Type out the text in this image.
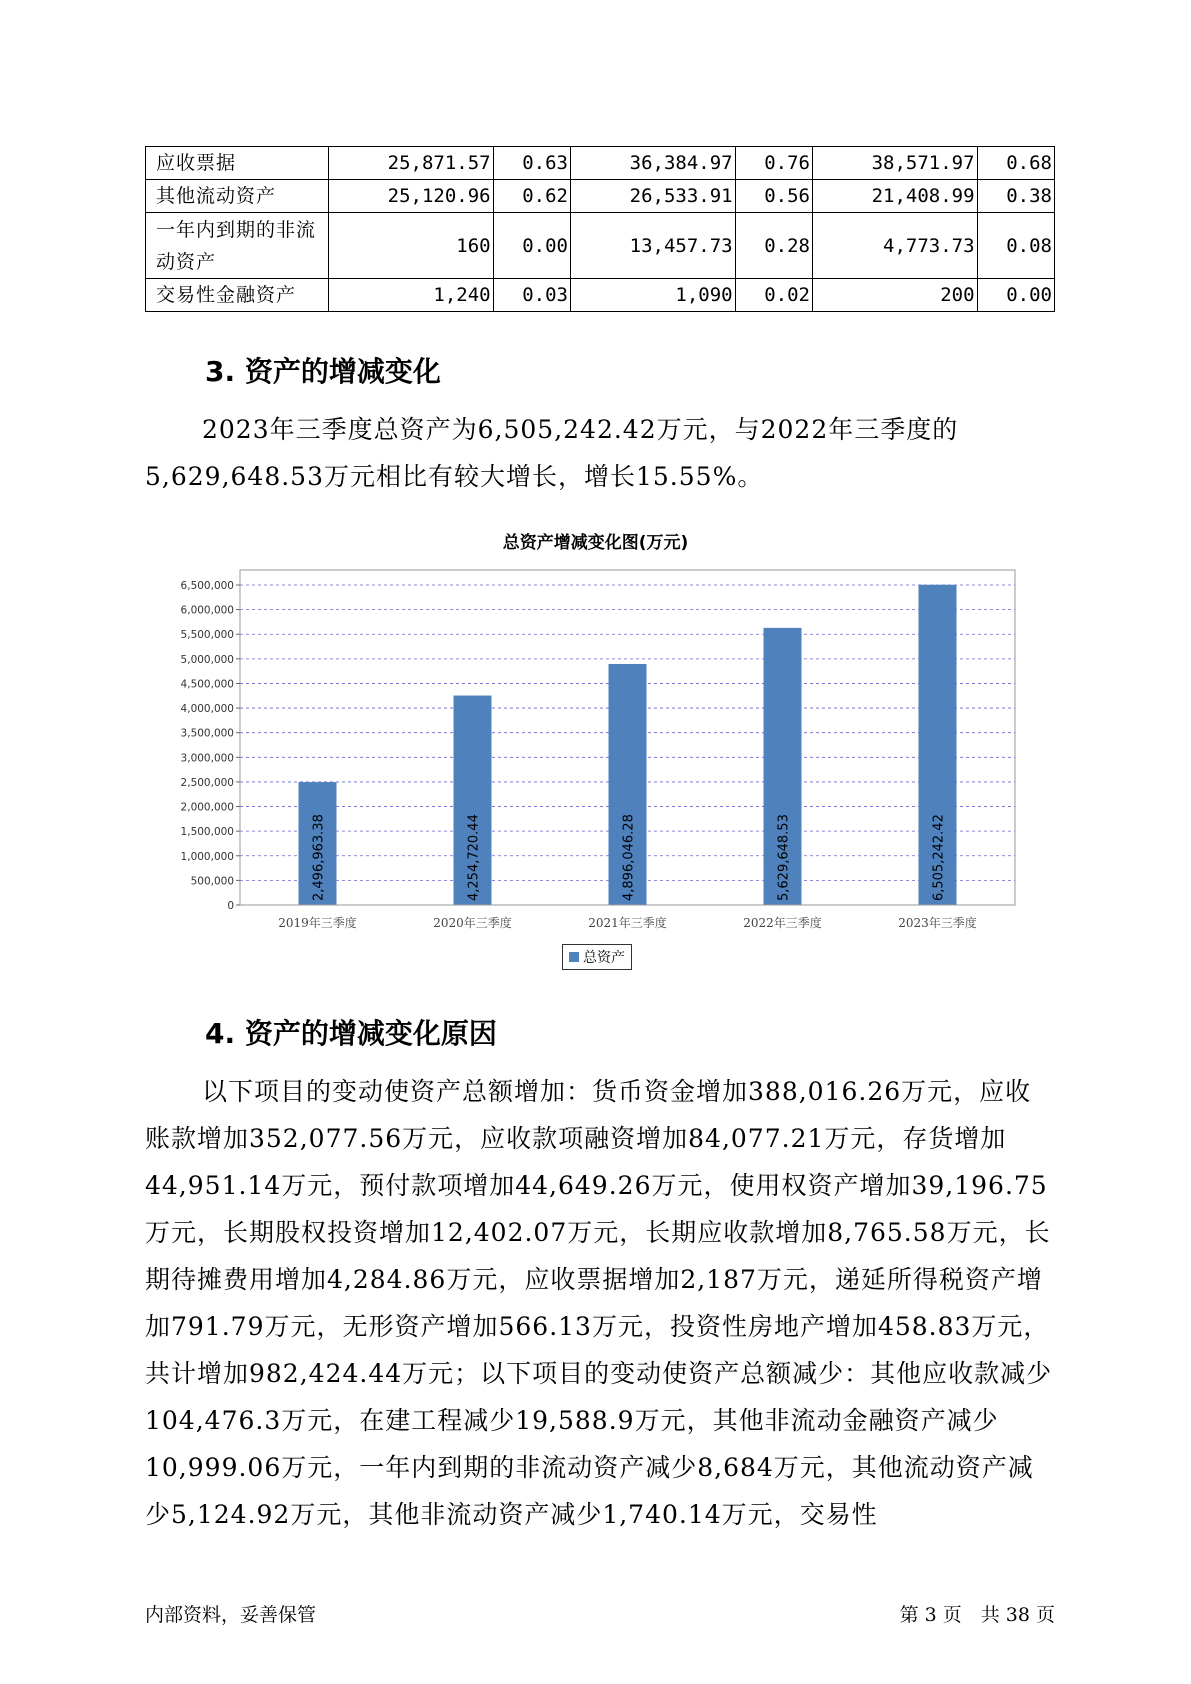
应收票据	25,871.57	0.63	36,384.97	0.76	38,571.97	0.68
其他流动资产	25,120.96	0.62	26,533.91	0.56	21,408.99	0.38
一年内到期的非流动资产	160	0.00	13,457.73	0.28	4,773.73	0.08
交易性金融资产	1,240	0.03	1,090	0.02	200	0.00
3. 资产的增减变化

2023年三季度总资产为6,505,242.42万元，与2022年三季度的5,629,648.53万元相比有较大增长，增长15.55%。

总资产增减变化图(万元)
0
500,000
1,000,000
1,500,000
2,000,000
2,500,000
3,000,000
3,500,000
4,000,000
4,500,000
5,000,000
5,500,000
6,000,000
6,500,000
2,496,963.38
2019年三季度
4,254,720.44
2020年三季度
4,896,046.28
2021年三季度
5,629,648.53
2022年三季度
6,505,242.42
2023年三季度
总资产
4. 资产的增减变化原因

以下项目的变动使资产总额增加：货币资金增加388,016.26万元，应收账款增加352,077.56万元，应收款项融资增加84,077.21万元，存货增加44,951.14万元，预付款项增加44,649.26万元，使用权资产增加39,196.75万元，长期股权投资增加12,402.07万元，长期应收款增加8,765.58万元，长期待摊费用增加4,284.86万元，应收票据增加2,187万元，递延所得税资产增加791.79万元，无形资产增加566.13万元，投资性房地产增加458.83万元，共计增加982,424.44万元；以下项目的变动使资产总额减少：其他应收款减少104,476.3万元，在建工程减少19,588.9万元，其他非流动金融资产减少10,999.06万元，一年内到期的非流动资产减少8,684万元，其他流动资产减少5,124.92万元，其他非流动资产减少1,740.14万元，交易性

内部资料，妥善保管	第 3 页　共 38 页
